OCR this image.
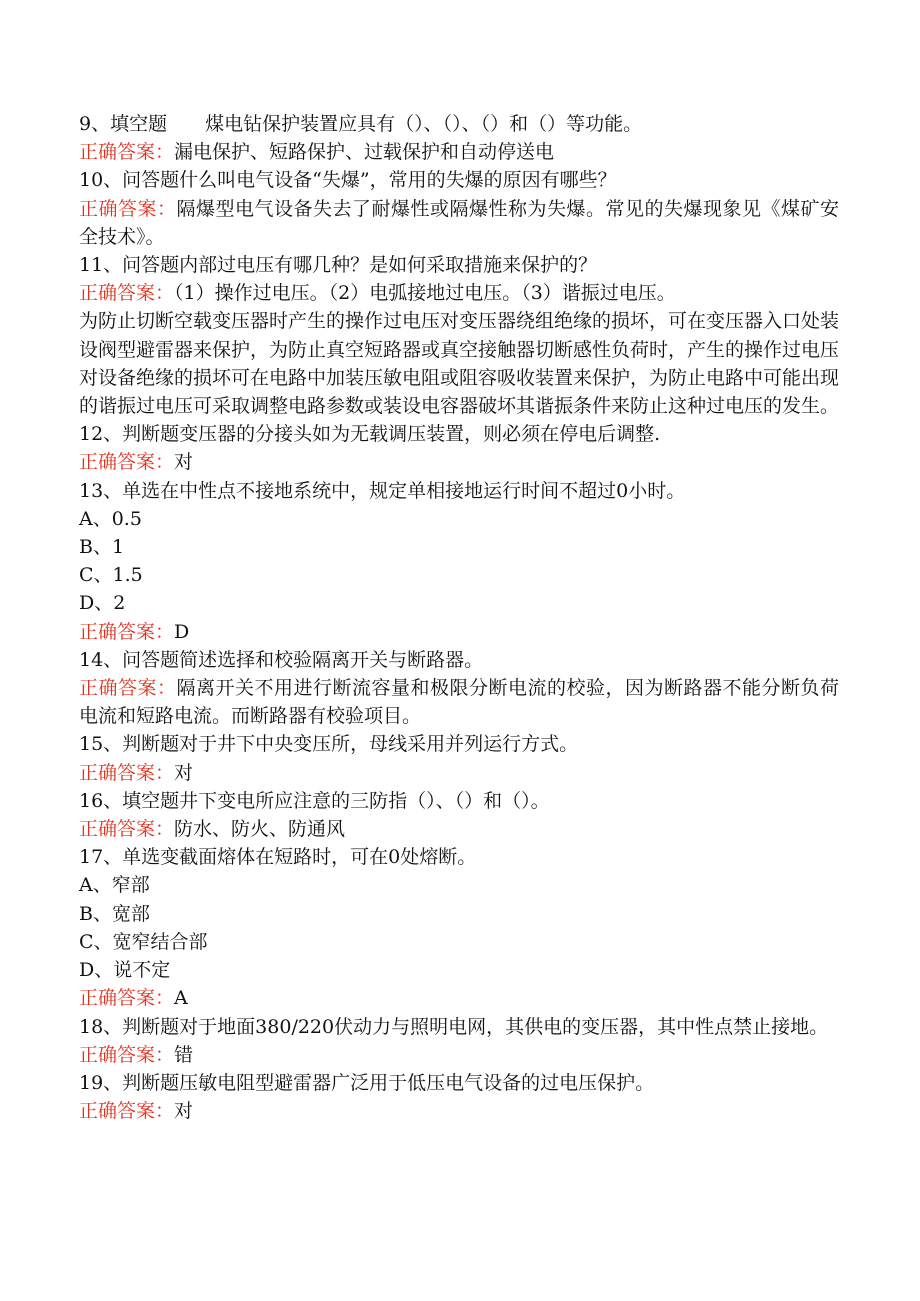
9、填空题　　煤电钻保护装置应具有（）、（）、（）和（）等功能。

正确答案：漏电保护、短路保护、过载保护和自动停送电

10、问答题什么叫电气设备“失爆”，常用的失爆的原因有哪些？

正确答案：隔爆型电气设备失去了耐爆性或隔爆性称为失爆。常见的失爆现象见《煤矿安全技术》。

11、问答题内部过电压有哪几种？是如何采取措施来保护的？

正确答案：（1）操作过电压。（2）电弧接地过电压。（3）谐振过电压。

为防止切断空载变压器时产生的操作过电压对变压器绕组绝缘的损坏，可在变压器入口处装设阀型避雷器来保护，为防止真空短路器或真空接触器切断感性负荷时，产生的操作过电压对设备绝缘的损坏可在电路中加装压敏电阻或阻容吸收装置来保护，为防止电路中可能出现的谐振过电压可采取调整电路参数或装设电容器破坏其谐振条件来防止这种过电压的发生。

12、判断题变压器的分接头如为无载调压装置，则必须在停电后调整.

正确答案：对

13、单选在中性点不接地系统中，规定单相接地运行时间不超过0小时。

A、0.5

B、1

C、1.5

D、2

正确答案：D

14、问答题简述选择和校验隔离开关与断路器。

正确答案：隔离开关不用进行断流容量和极限分断电流的校验，因为断路器不能分断负荷电流和短路电流。而断路器有校验项目。

15、判断题对于井下中央变压所，母线采用并列运行方式。

正确答案：对

16、填空题井下变电所应注意的三防指（）、（）和（）。

正确答案：防水、防火、防通风

17、单选变截面熔体在短路时，可在0处熔断。

A、窄部

B、宽部

C、宽窄结合部

D、说不定

正确答案：A

18、判断题对于地面380/220伏动力与照明电网，其供电的变压器，其中性点禁止接地。

正确答案：错

19、判断题压敏电阻型避雷器广泛用于低压电气设备的过电压保护。

正确答案：对
